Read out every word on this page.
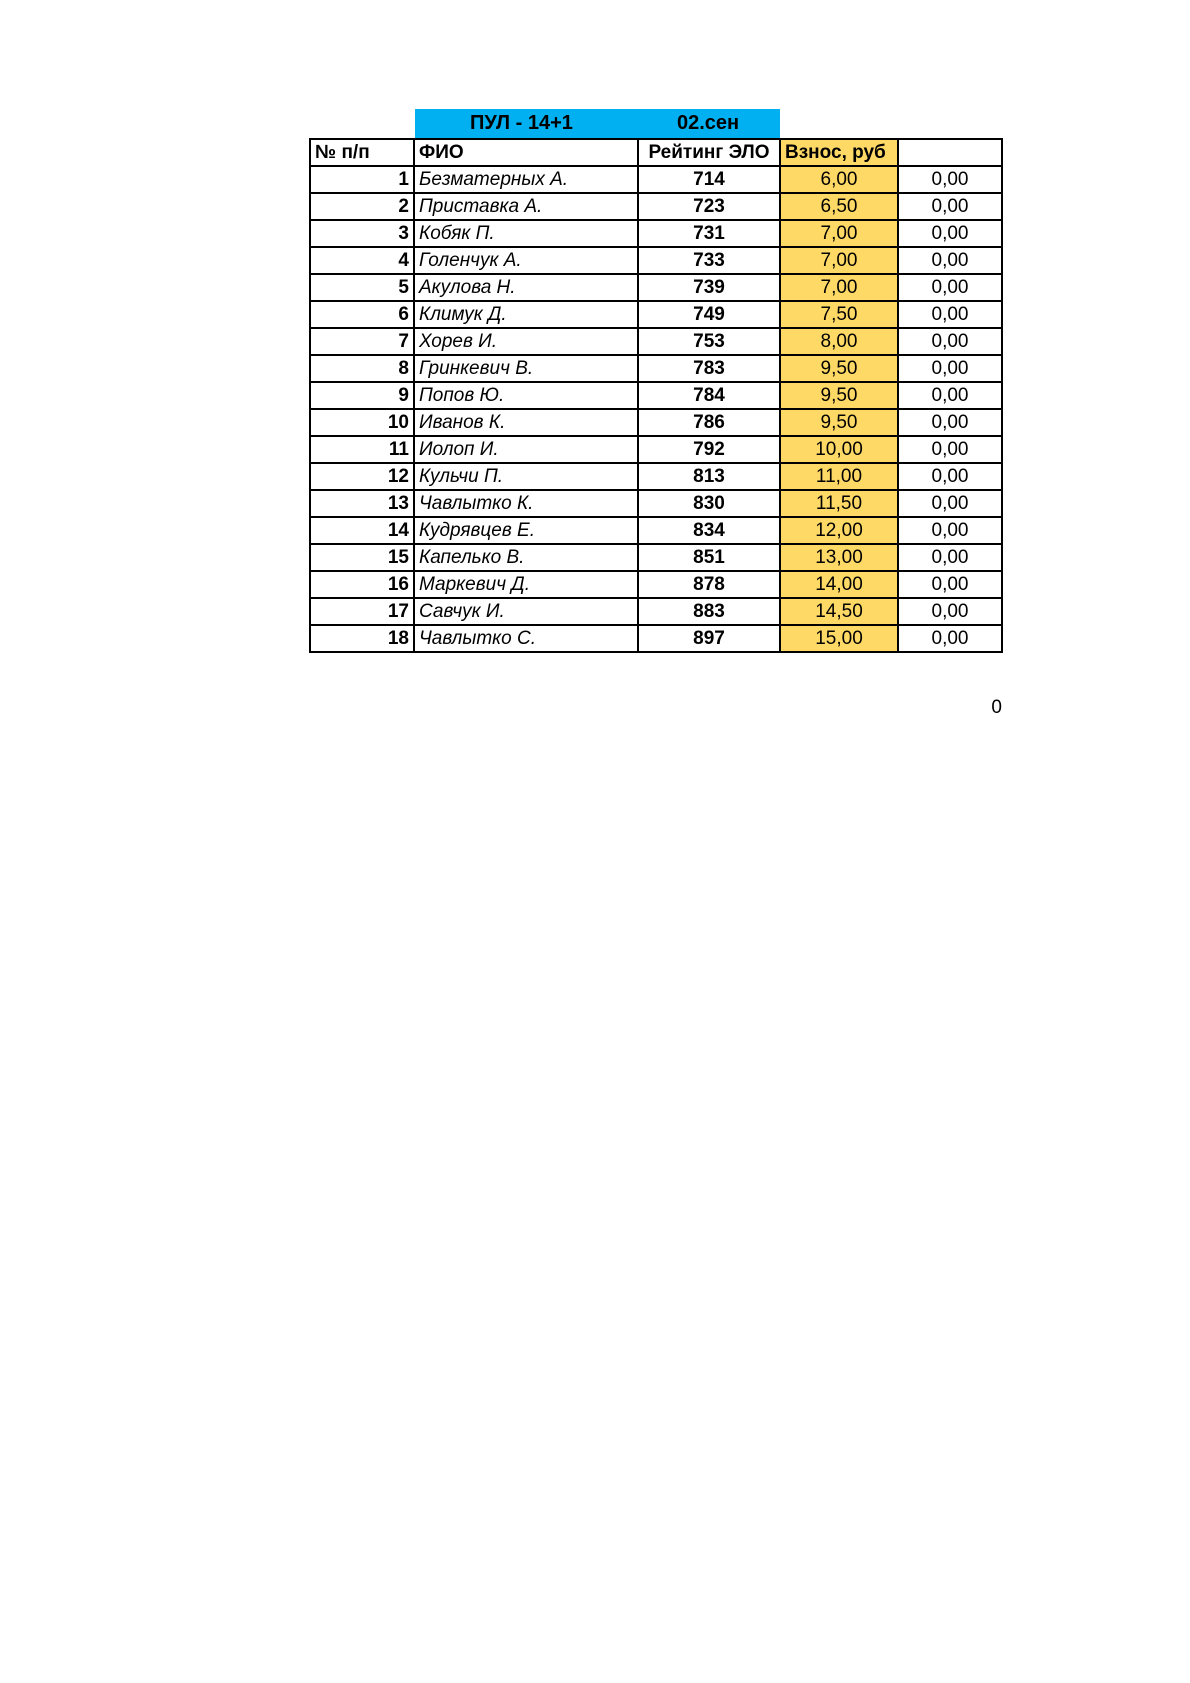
ПУЛ - 14+1	02.сен
№ п/п	ФИО	Рейтинг ЭЛО	Взнос, руб	
1	Безматерных А.	714	6,00	0,00
2	Приставка А.	723	6,50	0,00
3	Кобяк П.	731	7,00	0,00
4	Голенчук А.	733	7,00	0,00
5	Акулова Н.	739	7,00	0,00
6	Климук Д.	749	7,50	0,00
7	Хорев И.	753	8,00	0,00
8	Гринкевич В.	783	9,50	0,00
9	Попов Ю.	784	9,50	0,00
10	Иванов К.	786	9,50	0,00
11	Иолоп И.	792	10,00	0,00
12	Кульчи П.	813	11,00	0,00
13	Чавлытко К.	830	11,50	0,00
14	Кудрявцев Е.	834	12,00	0,00
15	Капелько В.	851	13,00	0,00
16	Маркевич Д.	878	14,00	0,00
17	Савчук И.	883	14,50	0,00
18	Чавлытко С.	897	15,00	0,00
0
